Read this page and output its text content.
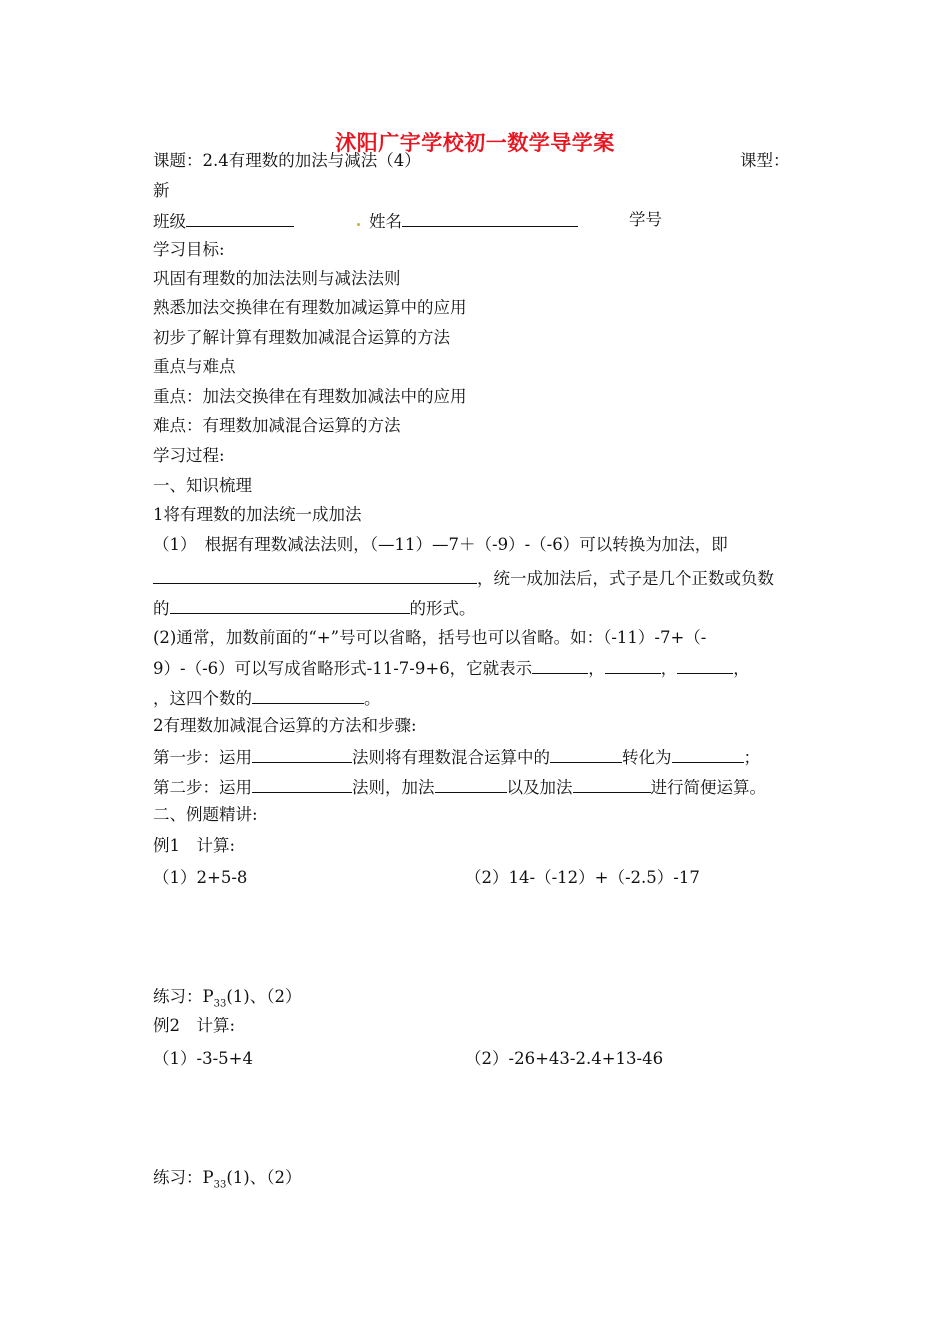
沭阳广宇学校初一数学导学案
课题：2.4有理数的加法与减法（4）	课型：
新
班级	姓名	学号
学习目标:
巩固有理数的加法法则与减法法则
熟悉加法交换律在有理数加减运算中的应用
初步了解计算有理数加减混合运算的方法
重点与难点
重点：加法交换律在有理数加减法中的应用
难点：有理数加减混合运算的方法
学习过程:
一、知识梳理
1将有理数的加法统一成加法
（1）　根据有理数减法法则，（—11）—7＋（-9）-（-6）可以转换为加法，即
，统一成加法后，式子是几个正数或负数
的	的形式。
(2)通常，加数前面的“+”号可以省略，括号也可以省略。如：（-11）-7+（-
9）-（-6）可以写成省略形式-11-7-9+6，它就表示	，	，	，
，这四个数的	。
2有理数加减混合运算的方法和步骤:
第一步：运用	法则将有理数混合运算中的	转化为	；
第二步：运用	法则，加法	以及加法	进行简便运算。
二、例题精讲:
例1　计算:
（1）2+5-8	（2）14-（-12）+（-2.5）-17
练习：$P_{33}(1)$、（2）
例2　计算:
（1）-3-5+4	（2）-26+43-2.4+13-46
练习：$P_{33}(1)$、（2）
